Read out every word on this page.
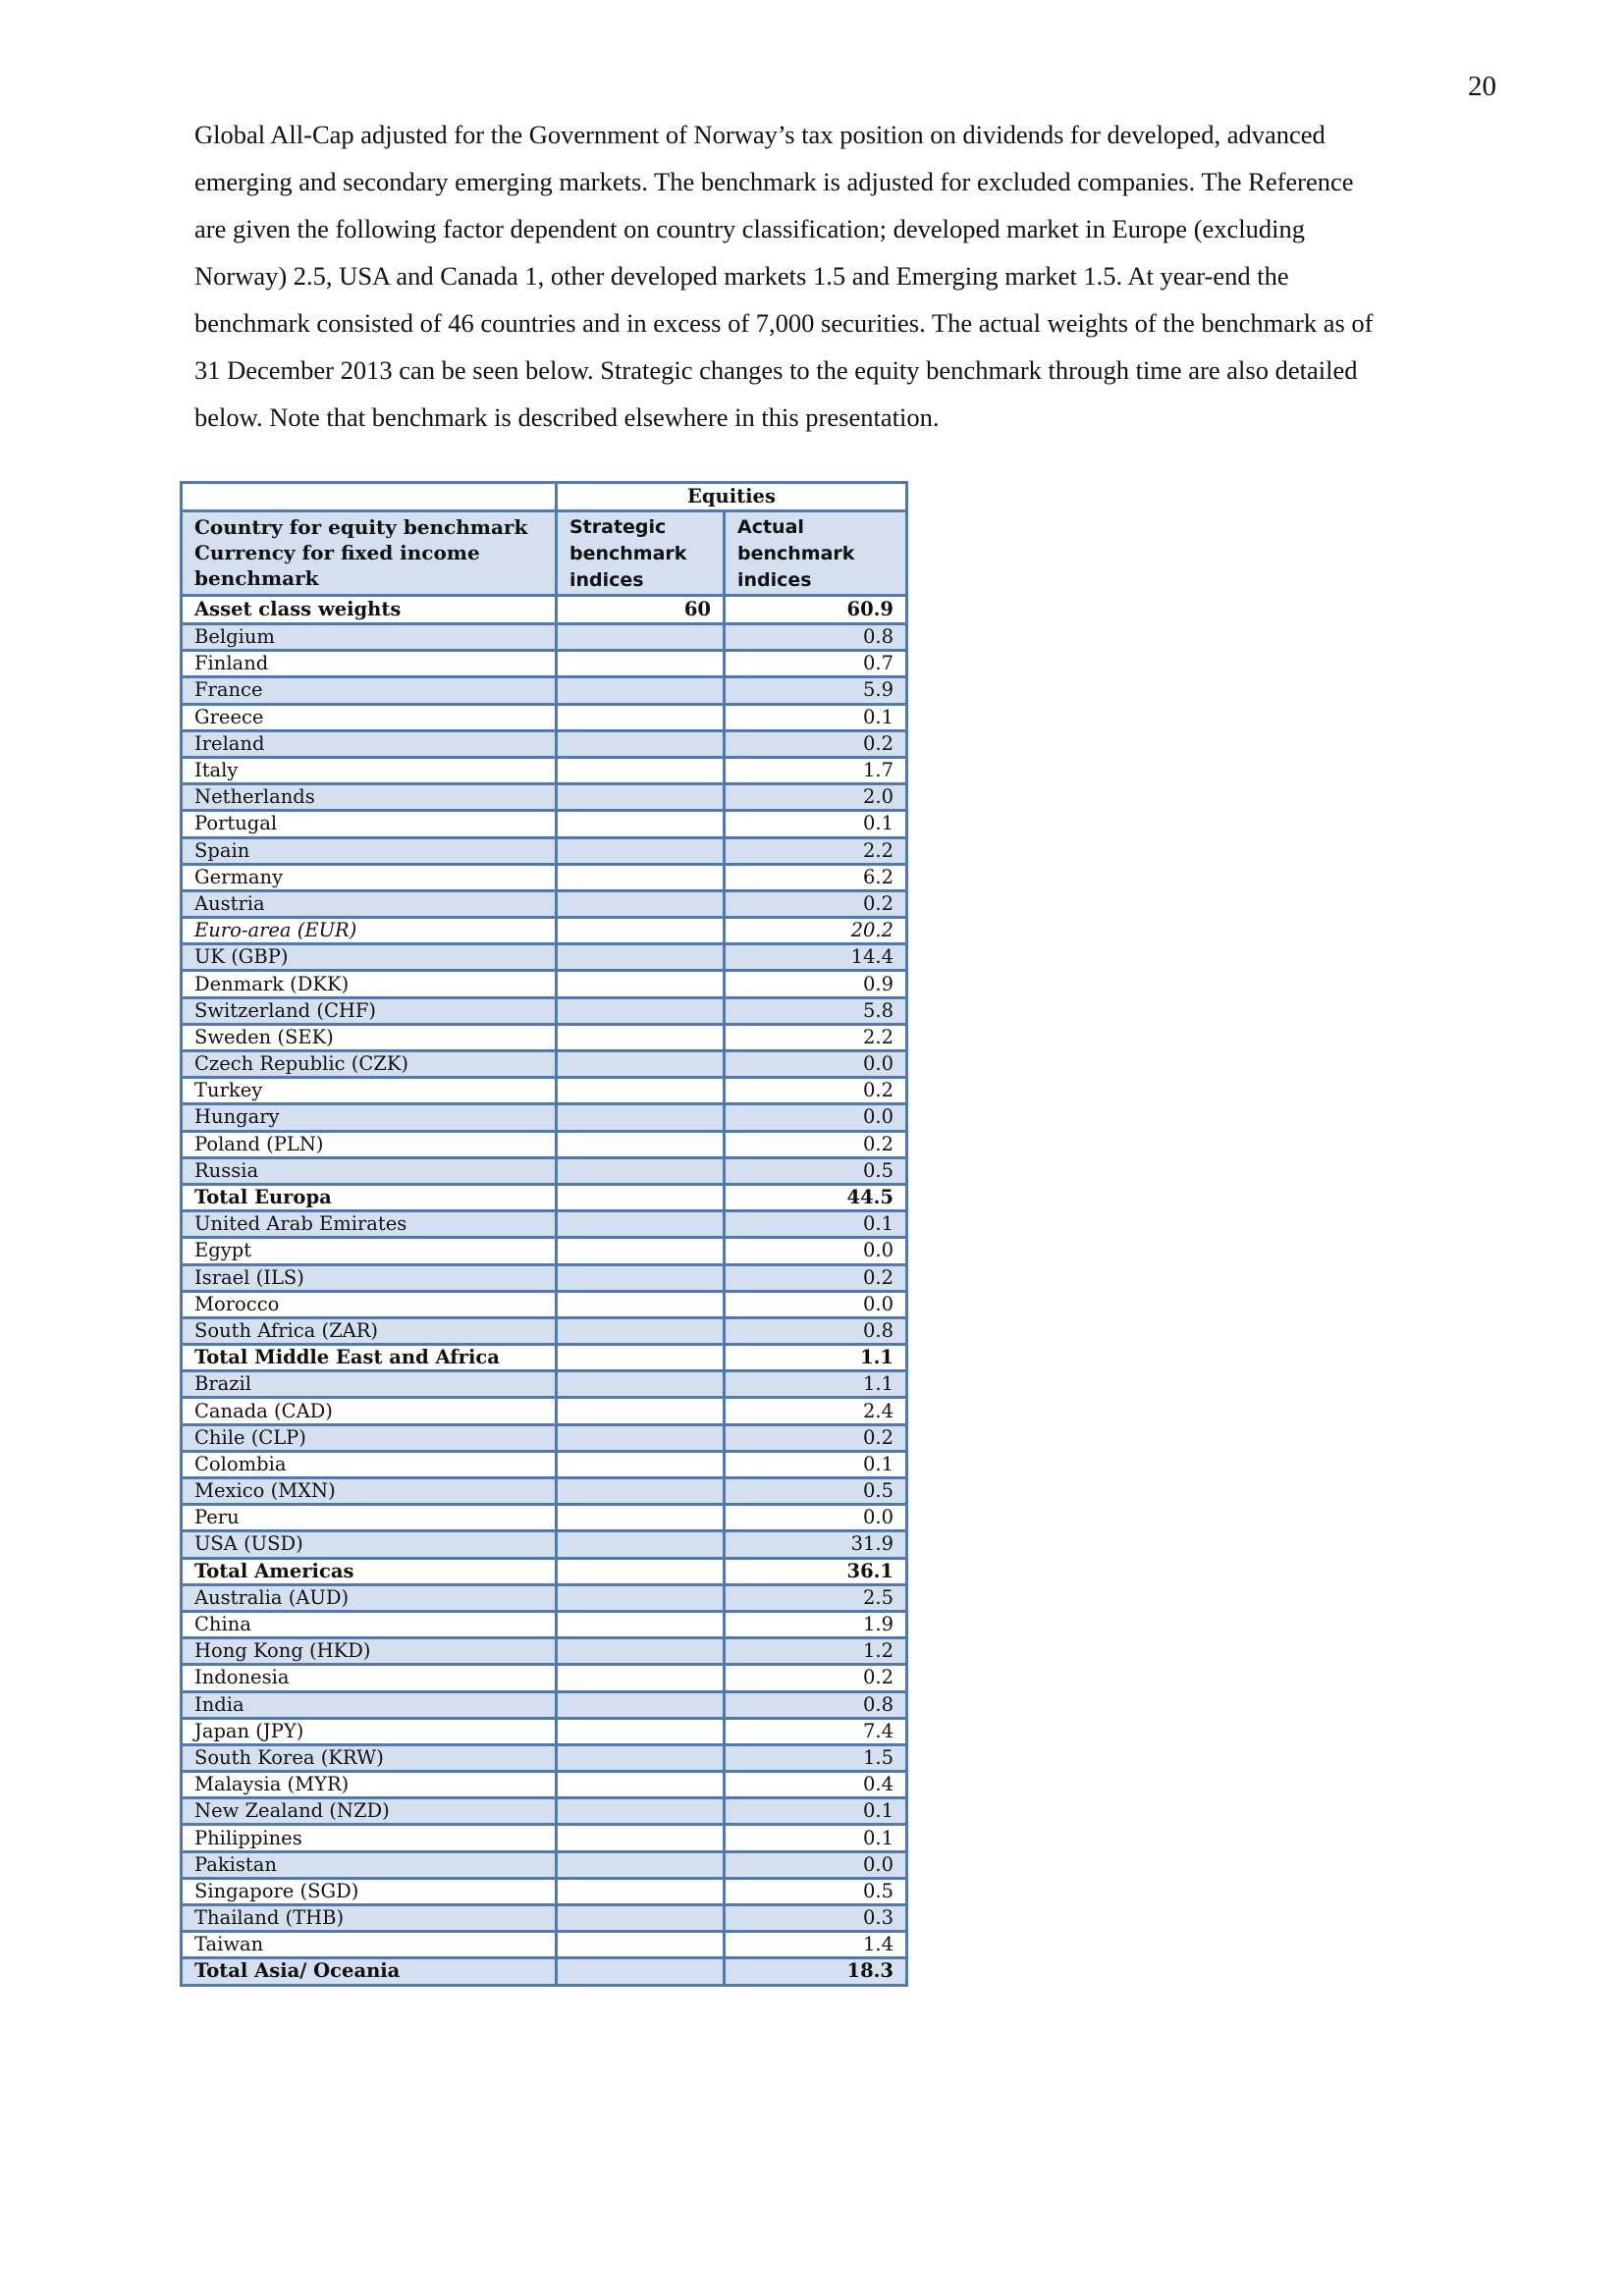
20
Global All-Cap adjusted for the Government of Norway’s tax position on dividends for developed, advanced
emerging and secondary emerging markets. The benchmark is adjusted for excluded companies. The Reference
are given the following factor dependent on country classification; developed market in Europe (excluding
Norway) 2.5, USA and Canada 1, other developed markets 1.5 and Emerging market 1.5. At year-end the
benchmark consisted of 46 countries and in excess of 7,000 securities. The actual weights of the benchmark as of
31 December 2013 can be seen below. Strategic changes to the equity benchmark through time are also detailed
below. Note that benchmark is described elsewhere in this presentation.
	Equities	
Country for equity benchmark Currency for fixed income benchmark	Strategic benchmark indices	Actual benchmark indices
Asset class weights	60	60.9
Belgium		0.8
Finland		0.7
France		5.9
Greece		0.1
Ireland		0.2
Italy		1.7
Netherlands		2.0
Portugal		0.1
Spain		2.2
Germany		6.2
Austria		0.2
Euro-area (EUR)		20.2
UK (GBP)		14.4
Denmark (DKK)		0.9
Switzerland (CHF)		5.8
Sweden (SEK)		2.2
Czech Republic (CZK)		0.0
Turkey		0.2
Hungary		0.0
Poland (PLN)		0.2
Russia		0.5
Total Europa		44.5
United Arab Emirates		0.1
Egypt		0.0
Israel (ILS)		0.2
Morocco		0.0
South Africa (ZAR)		0.8
Total Middle East and Africa		1.1
Brazil		1.1
Canada (CAD)		2.4
Chile (CLP)		0.2
Colombia		0.1
Mexico (MXN)		0.5
Peru		0.0
USA (USD)		31.9
Total Americas		36.1
Australia (AUD)		2.5
China		1.9
Hong Kong (HKD)		1.2
Indonesia		0.2
India		0.8
Japan (JPY)		7.4
South Korea (KRW)		1.5
Malaysia (MYR)		0.4
New Zealand (NZD)		0.1
Philippines		0.1
Pakistan		0.0
Singapore (SGD)		0.5
Thailand (THB)		0.3
Taiwan		1.4
Total Asia/ Oceania		18.3
